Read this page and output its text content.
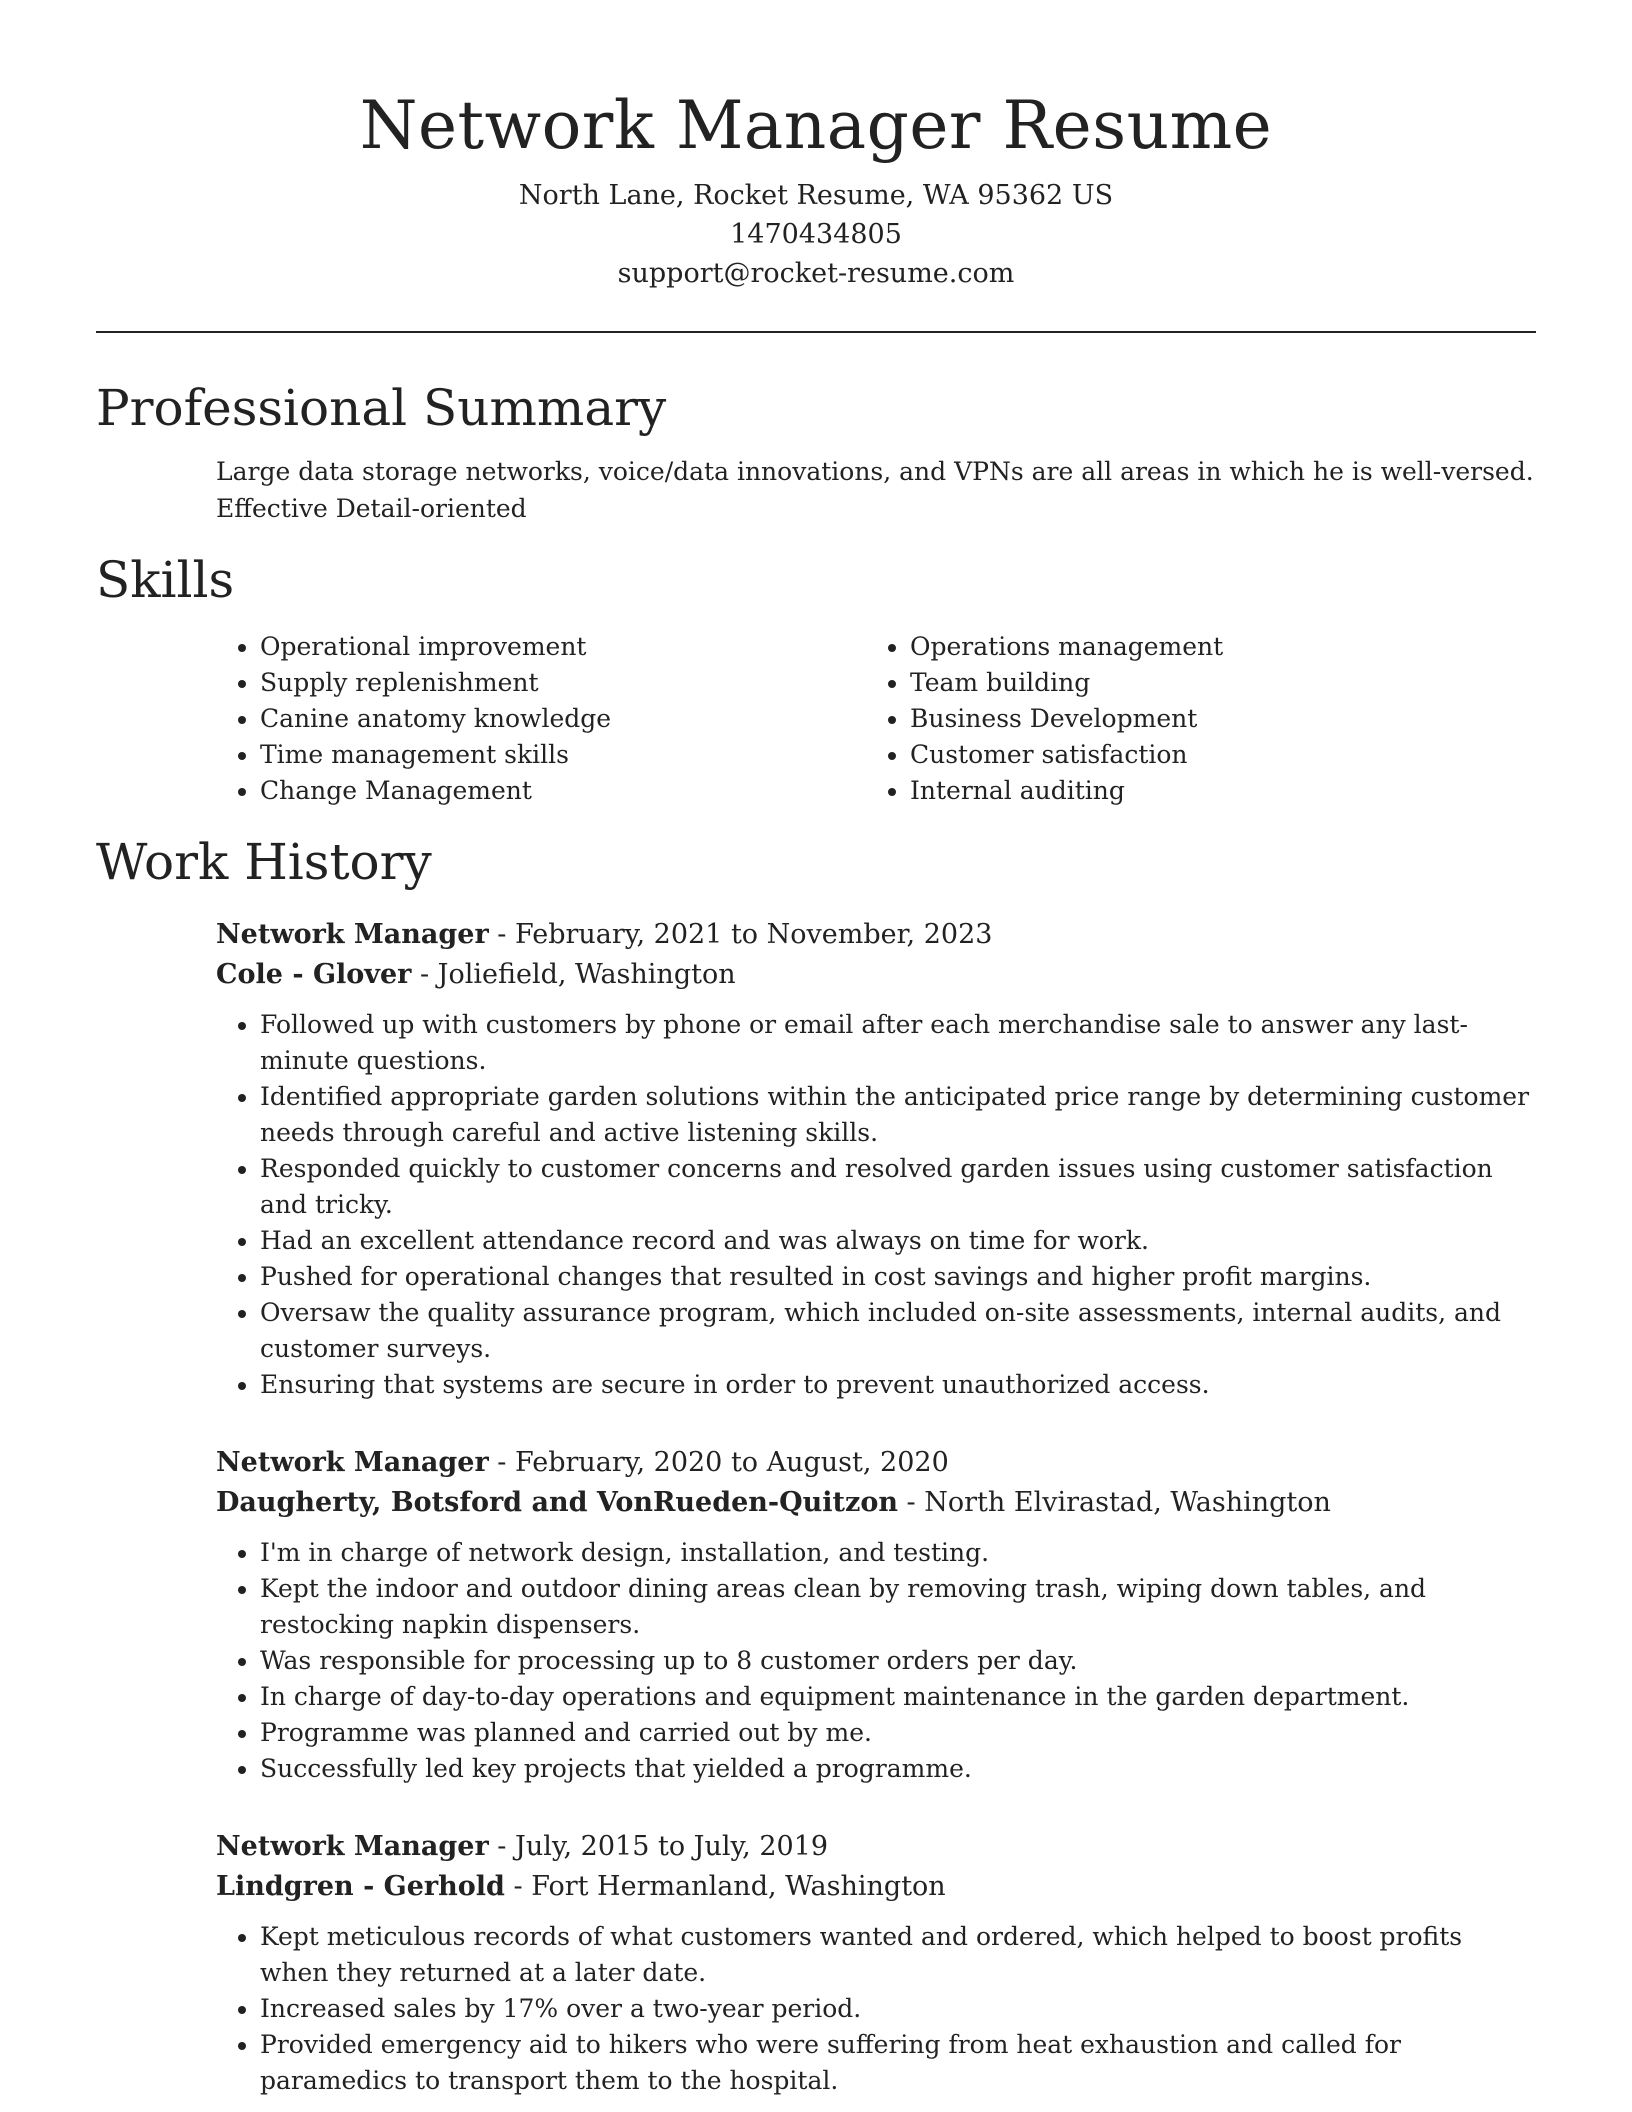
Network Manager Resume
North Lane, Rocket Resume, WA 95362 US
1470434805
support@rocket-resume.com
Professional Summary
Large data storage networks, voice/data innovations, and VPNs are all areas in which he is well-versed.
Effective Detail-oriented
Skills
• Operational improvement
• Supply replenishment
• Canine anatomy knowledge
• Time management skills
• Change Management
• Operations management
• Team building
• Business Development
• Customer satisfaction
• Internal auditing
Work History
Network Manager - February, 2021 to November, 2023
Cole - Glover - Joliefield, Washington
• Followed up with customers by phone or email after each merchandise sale to answer any last-minute questions.
• Identified appropriate garden solutions within the anticipated price range by determining customer needs through careful and active listening skills.
• Responded quickly to customer concerns and resolved garden issues using customer satisfaction and tricky.
• Had an excellent attendance record and was always on time for work.
• Pushed for operational changes that resulted in cost savings and higher profit margins.
• Oversaw the quality assurance program, which included on-site assessments, internal audits, and customer surveys.
• Ensuring that systems are secure in order to prevent unauthorized access.
Network Manager - February, 2020 to August, 2020
Daugherty, Botsford and VonRueden-Quitzon - North Elvirastad, Washington
• I'm in charge of network design, installation, and testing.
• Kept the indoor and outdoor dining areas clean by removing trash, wiping down tables, and restocking napkin dispensers.
• Was responsible for processing up to 8 customer orders per day.
• In charge of day-to-day operations and equipment maintenance in the garden department.
• Programme was planned and carried out by me.
• Successfully led key projects that yielded a programme.
Network Manager - July, 2015 to July, 2019
Lindgren - Gerhold - Fort Hermanland, Washington
• Kept meticulous records of what customers wanted and ordered, which helped to boost profits when they returned at a later date.
• Increased sales by 17% over a two-year period.
• Provided emergency aid to hikers who were suffering from heat exhaustion and called for paramedics to transport them to the hospital.
